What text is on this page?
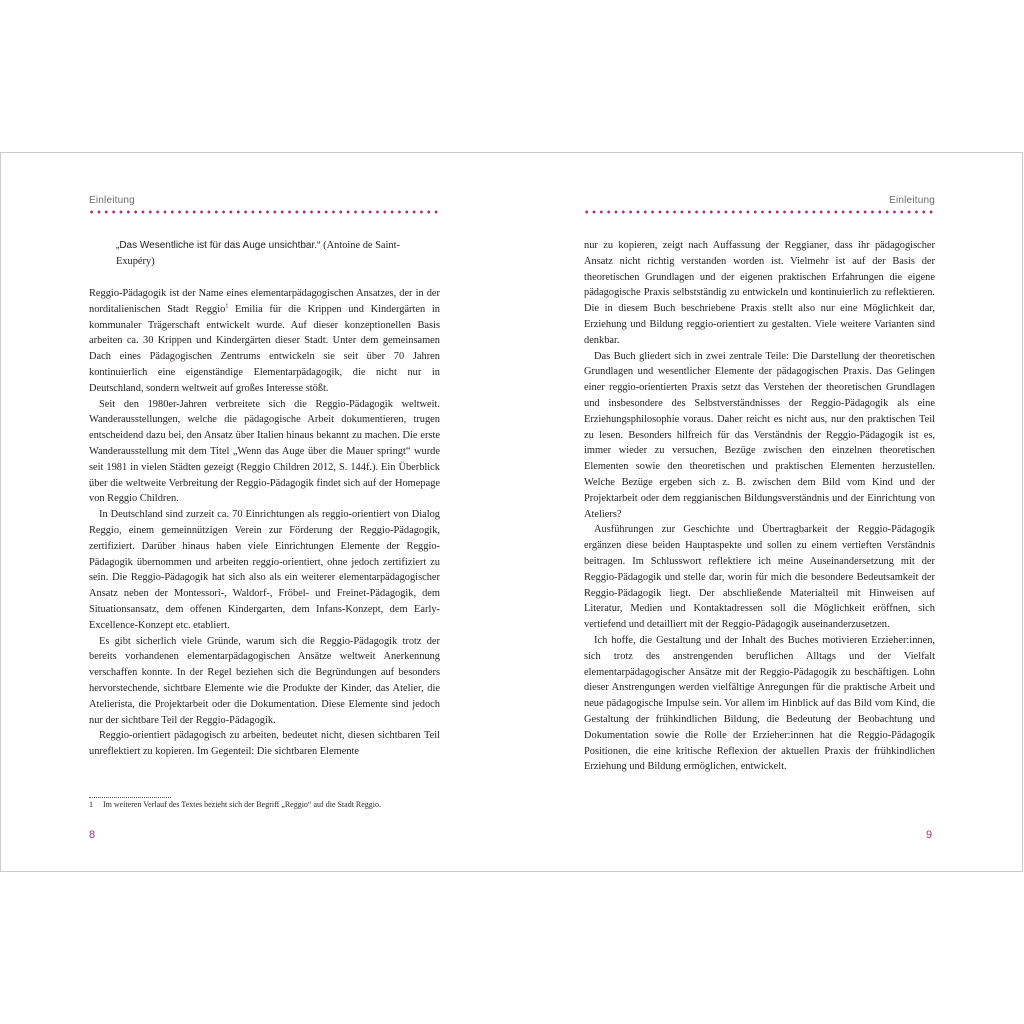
Einleitung
„Das Wesentliche ist für das Auge unsichtbar.“ (Antoine de Saint-Exupéry)

Reggio-Pädagogik ist der Name eines elementarpädagogischen Ansatzes, der in der norditalienischen Stadt Reggio$^1$ Emilia für die Krippen und Kindergärten in kommunaler Trägerschaft entwickelt wurde. Auf dieser konzeptionellen Basis arbeiten ca. 30 Krippen und Kindergärten dieser Stadt. Unter dem gemeinsamen Dach eines Pädagogischen Zentrums entwickeln sie seit über 70 Jahren kontinuierlich eine eigenständige Elementarpädagogik, die nicht nur in Deutschland, sondern weltweit auf großes Interesse stößt.

Seit den 1980er-Jahren verbreitete sich die Reggio-Pädagogik weltweit. Wanderausstellungen, welche die pädagogische Arbeit dokumentieren, trugen entscheidend dazu bei, den Ansatz über Italien hinaus bekannt zu machen. Die erste Wanderausstellung mit dem Titel „Wenn das Auge über die Mauer springt“ wurde seit 1981 in vielen Städten gezeigt (Reggio Children 2012, S. 144f.). Ein Überblick über die weltweite Verbreitung der Reggio-Pädagogik findet sich auf der Homepage von Reggio Children.

In Deutschland sind zurzeit ca. 70 Einrichtungen als reggio-orientiert von Dialog Reggio, einem gemeinnützigen Verein zur Förderung der Reggio-Pädagogik, zertifiziert. Darüber hinaus haben viele Einrichtungen Elemente der Reggio-Pädagogik übernommen und arbeiten reggio-orientiert, ohne jedoch zertifiziert zu sein. Die Reggio-Pädagogik hat sich also als ein weiterer elementarpädagogischer Ansatz neben der Montessori-, Waldorf-, Fröbel- und Freinet-Pädagogik, dem Situationsansatz, dem offenen Kindergarten, dem Infans-Konzept, dem Early-Excellence-Konzept etc. etabliert.

Es gibt sicherlich viele Gründe, warum sich die Reggio-Pädagogik trotz der bereits vorhandenen elementarpädagogischen Ansätze weltweit Anerkennung verschaffen konnte. In der Regel beziehen sich die Begründungen auf besonders hervorstechende, sichtbare Elemente wie die Produkte der Kinder, das Atelier, die Atelierista, die Projektarbeit oder die Dokumentation. Diese Elemente sind jedoch nur der sichtbare Teil der Reggio-Pädagogik.

Reggio-orientiert pädagogisch zu arbeiten, bedeutet nicht, diesen sichtbaren Teil unreflektiert zu kopieren. Im Gegenteil: Die sichtbaren Elemente

1 Im weiteren Verlauf des Textes bezieht sich der Begriff „Reggio“ auf die Stadt Reggio.
8
Einleitung

nur zu kopieren, zeigt nach Auffassung der Reggianer, dass ihr pädagogischer Ansatz nicht richtig verstanden worden ist. Vielmehr ist auf der Basis der theoretischen Grundlagen und der eigenen praktischen Erfahrungen die eigene pädagogische Praxis selbstständig zu entwickeln und kontinuierlich zu reflektieren. Die in diesem Buch beschriebene Praxis stellt also nur eine Möglichkeit dar, Erziehung und Bildung reggio-orientiert zu gestalten. Viele weitere Varianten sind denkbar.

Das Buch gliedert sich in zwei zentrale Teile: Die Darstellung der theoretischen Grundlagen und wesentlicher Elemente der pädagogischen Praxis. Das Gelingen einer reggio-orientierten Praxis setzt das Verstehen der theoretischen Grundlagen und insbesondere des Selbstverständnisses der Reggio-Pädagogik als eine Erziehungsphilosophie voraus. Daher reicht es nicht aus, nur den praktischen Teil zu lesen. Besonders hilfreich für das Verständnis der Reggio-Pädagogik ist es, immer wieder zu versuchen, Bezüge zwischen den einzelnen theoretischen Elementen sowie den theoretischen und praktischen Elementen herzustellen. Welche Bezüge ergeben sich z. B. zwischen dem Bild vom Kind und der Projektarbeit oder dem reggianischen Bildungsverständnis und der Einrichtung von Ateliers?

Ausführungen zur Geschichte und Übertragbarkeit der Reggio-Pädagogik ergänzen diese beiden Hauptaspekte und sollen zu einem vertieften Verständnis beitragen. Im Schlusswort reflektiere ich meine Auseinandersetzung mit der Reggio-Pädagogik und stelle dar, worin für mich die besondere Bedeutsamkeit der Reggio-Pädagogik liegt. Der abschließende Materialteil mit Hinweisen auf Literatur, Medien und Kontaktadressen soll die Möglichkeit eröffnen, sich vertiefend und detailliert mit der Reggio-Pädagogik auseinanderzusetzen.

Ich hoffe, die Gestaltung und der Inhalt des Buches motivieren Erzieher:innen, sich trotz des anstrengenden beruflichen Alltags und der Vielfalt elementarpädagogischer Ansätze mit der Reggio-Pädagogik zu beschäftigen. Lohn dieser Anstrengungen werden vielfältige Anregungen für die praktische Arbeit und neue pädagogische Impulse sein. Vor allem im Hinblick auf das Bild vom Kind, die Gestaltung der frühkindlichen Bildung, die Bedeutung der Beobachtung und Dokumentation sowie die Rolle der Erzieher:innen hat die Reggio-Pädagogik Positionen, die eine kritische Reflexion der aktuellen Praxis der frühkindlichen Erziehung und Bildung ermöglichen, entwickelt.

9
